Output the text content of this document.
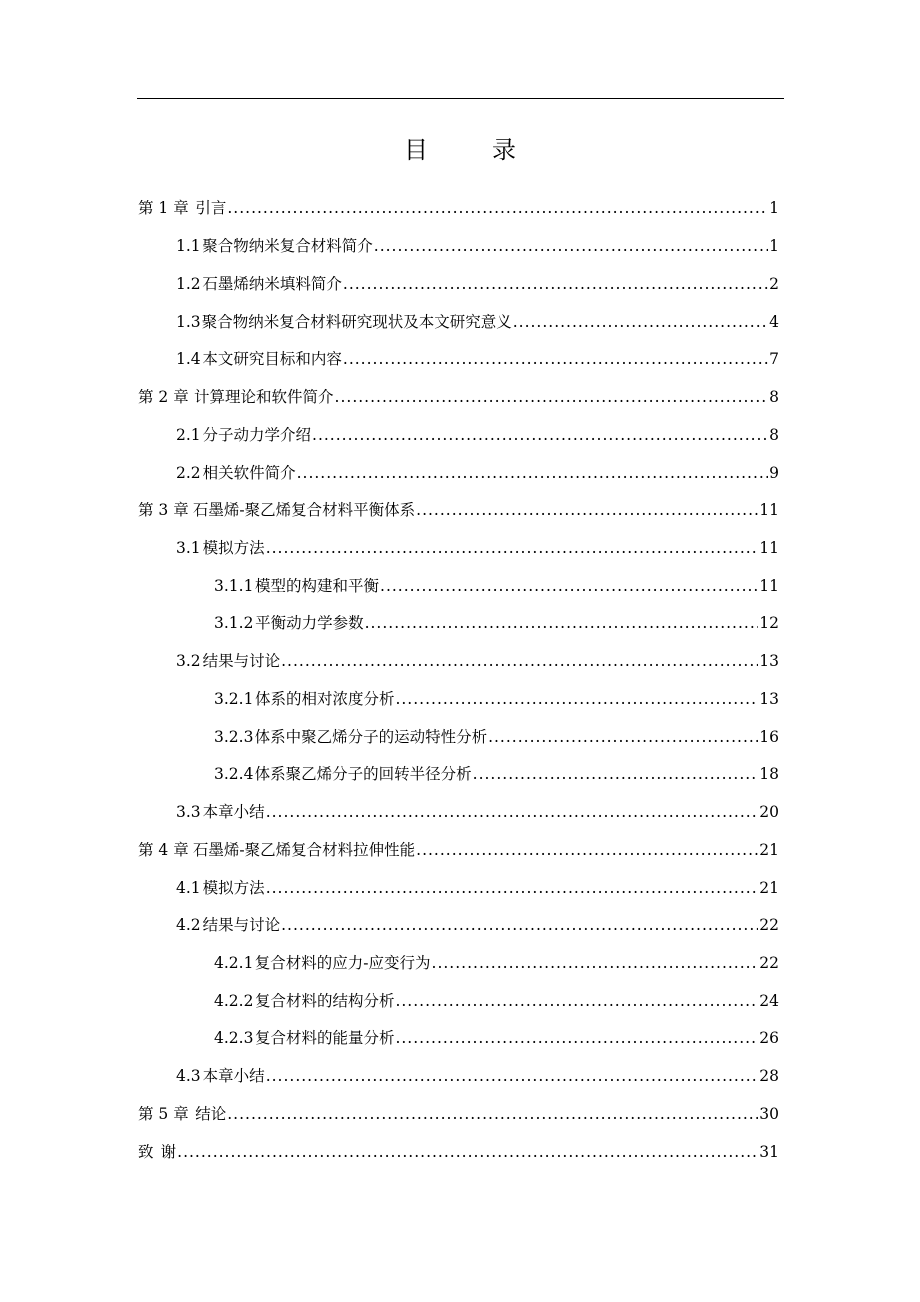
目　录
第 1 章 引言 .....	1
1.1 聚合物纳米复合材料简介 .....	1
1.2 石墨烯纳米填料简介 .....	2
1.3 聚合物纳米复合材料研究现状及本文研究意义 .....	4
1.4 本文研究目标和内容 .....	7
第 2 章 计算理论和软件简介 .....	8
2.1 分子动力学介绍 .....	8
2.2 相关软件简介 .....	9
第 3 章 石墨烯-聚乙烯复合材料平衡体系 .....	11
3.1 模拟方法 .....	11
3.1.1 模型的构建和平衡 .....	11
3.1.2 平衡动力学参数 .....	12
3.2 结果与讨论 .....	13
3.2.1 体系的相对浓度分析 .....	13
3.2.3 体系中聚乙烯分子的运动特性分析 .....	16
3.2.4 体系聚乙烯分子的回转半径分析 .....	18
3.3 本章小结 .....	20
第 4 章 石墨烯-聚乙烯复合材料拉伸性能 .....	21
4.1 模拟方法 .....	21
4.2 结果与讨论 .....	22
4.2.1 复合材料的应力-应变行为 .....	22
4.2.2 复合材料的结构分析 .....	24
4.2.3 复合材料的能量分析 .....	26
4.3 本章小结 .....	28
第 5 章 结论 .....	30
致 谢 .....	31
